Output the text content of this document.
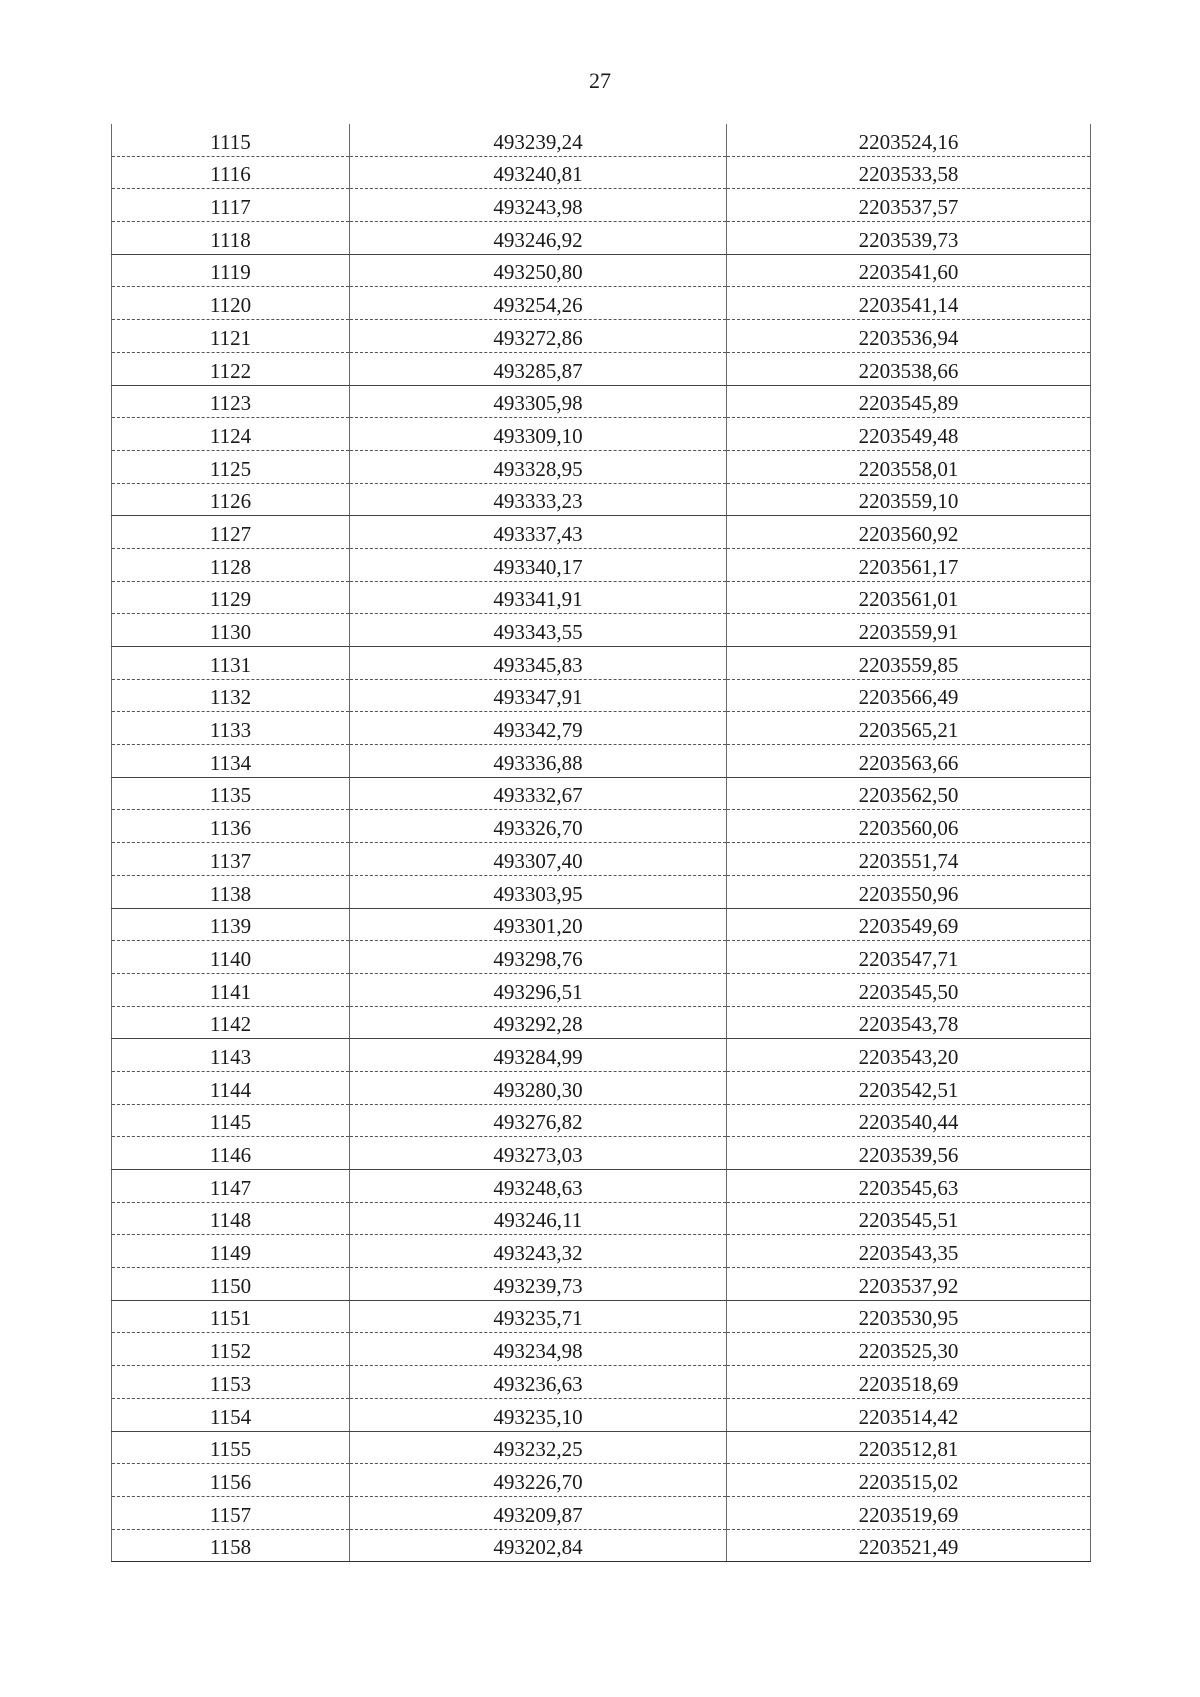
27
1115	493239,24	2203524,16
1116	493240,81	2203533,58
1117	493243,98	2203537,57
1118	493246,92	2203539,73
1119	493250,80	2203541,60
1120	493254,26	2203541,14
1121	493272,86	2203536,94
1122	493285,87	2203538,66
1123	493305,98	2203545,89
1124	493309,10	2203549,48
1125	493328,95	2203558,01
1126	493333,23	2203559,10
1127	493337,43	2203560,92
1128	493340,17	2203561,17
1129	493341,91	2203561,01
1130	493343,55	2203559,91
1131	493345,83	2203559,85
1132	493347,91	2203566,49
1133	493342,79	2203565,21
1134	493336,88	2203563,66
1135	493332,67	2203562,50
1136	493326,70	2203560,06
1137	493307,40	2203551,74
1138	493303,95	2203550,96
1139	493301,20	2203549,69
1140	493298,76	2203547,71
1141	493296,51	2203545,50
1142	493292,28	2203543,78
1143	493284,99	2203543,20
1144	493280,30	2203542,51
1145	493276,82	2203540,44
1146	493273,03	2203539,56
1147	493248,63	2203545,63
1148	493246,11	2203545,51
1149	493243,32	2203543,35
1150	493239,73	2203537,92
1151	493235,71	2203530,95
1152	493234,98	2203525,30
1153	493236,63	2203518,69
1154	493235,10	2203514,42
1155	493232,25	2203512,81
1156	493226,70	2203515,02
1157	493209,87	2203519,69
1158	493202,84	2203521,49
